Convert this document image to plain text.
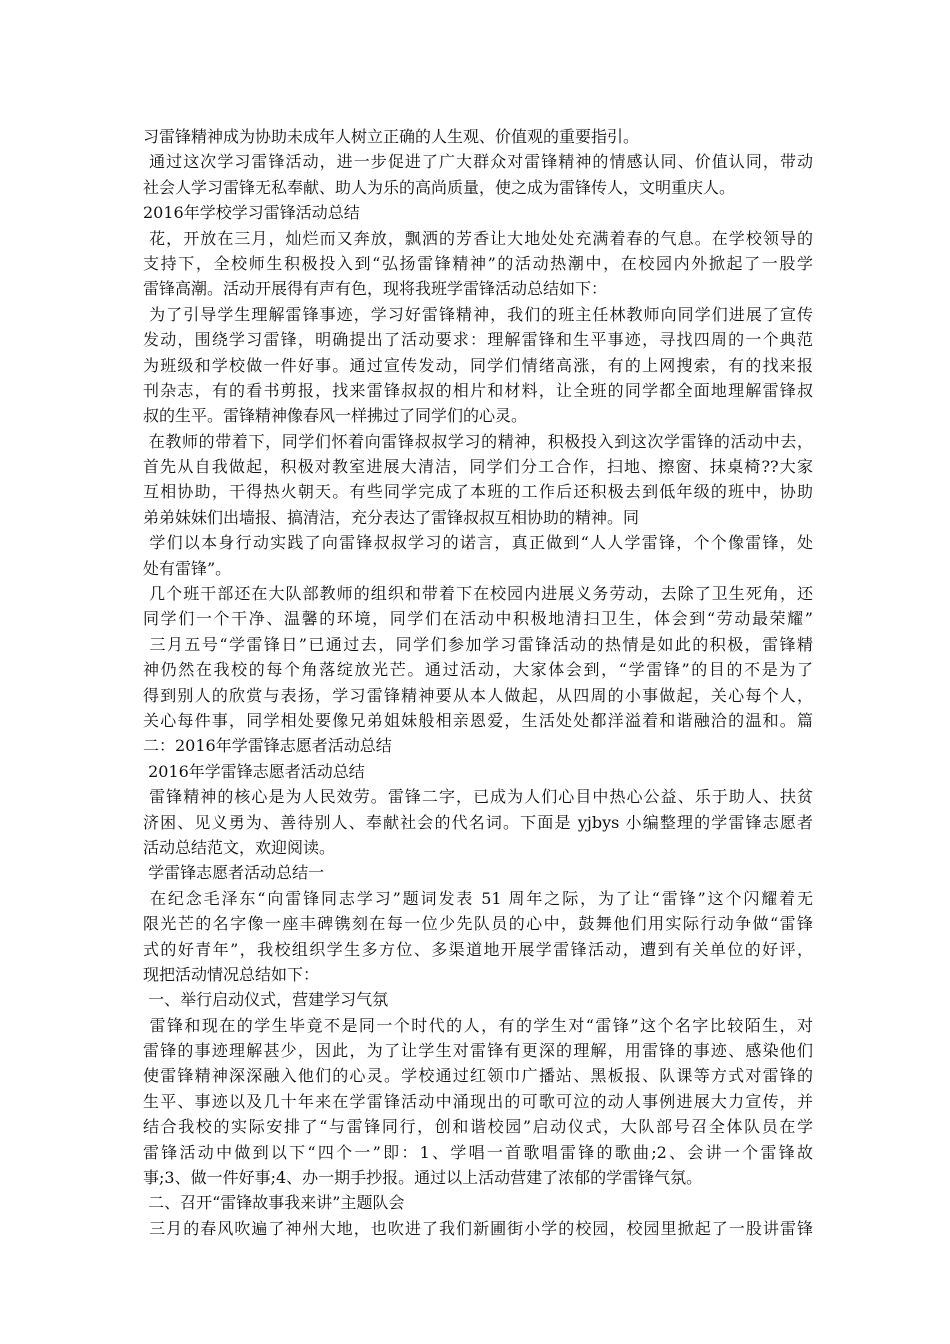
习雷锋精神成为协助未成年人树立正确的人生观、价值观的重要指引。
通过这次学习雷锋活动，进一步促进了广大群众对雷锋精神的情感认同、价值认同，带动
社会人学习雷锋无私奉献、助人为乐的高尚质量，使之成为雷锋传人，文明重庆人。
2016年学校学习雷锋活动总结
花，开放在三月，灿烂而又奔放，飘洒的芳香让大地处处充满着春的气息。在学校领导的
支持下，全校师生积极投入到“弘扬雷锋精神”的活动热潮中，在校园内外掀起了一股学
雷锋高潮。活动开展得有声有色，现将我班学雷锋活动总结如下：
为了引导学生理解雷锋事迹，学习好雷锋精神，我们的班主任林教师向同学们进展了宣传
发动，围绕学习雷锋，明确提出了活动要求：理解雷锋和生平事迹，寻找四周的一个典范
为班级和学校做一件好事。通过宣传发动，同学们情绪高涨，有的上网搜索，有的找来报
刊杂志，有的看书剪报，找来雷锋叔叔的相片和材料，让全班的同学都全面地理解雷锋叔
叔的生平。雷锋精神像春风一样拂过了同学们的心灵。
在教师的带着下，同学们怀着向雷锋叔叔学习的精神，积极投入到这次学雷锋的活动中去，
首先从自我做起，积极对教室进展大清洁，同学们分工合作，扫地、擦窗、抹桌椅??大家
互相协助，干得热火朝天。有些同学完成了本班的工作后还积极去到低年级的班中，协助
弟弟妹妹们出墙报、搞清洁，充分表达了雷锋叔叔互相协助的精神。同
学们以本身行动实践了向雷锋叔叔学习的诺言，真正做到“人人学雷锋，个个像雷锋，处
处有雷锋”。
几个班干部还在大队部教师的组织和带着下在校园内进展义务劳动，去除了卫生死角，还
同学们一个干净、温馨的环境，同学们在活动中积极地清扫卫生，体会到“劳动最荣耀”
三月五号“学雷锋日”已通过去，同学们参加学习雷锋活动的热情是如此的积极，雷锋精
神仍然在我校的每个角落绽放光芒。通过活动，大家体会到，“学雷锋”的目的不是为了
得到别人的欣赏与表扬，学习雷锋精神要从本人做起，从四周的小事做起，关心每个人，
关心每件事，同学相处要像兄弟姐妹般相亲恩爱，生活处处都洋溢着和谐融洽的温和。篇
二：2016年学雷锋志愿者活动总结
2016年学雷锋志愿者活动总结
雷锋精神的核心是为人民效劳。雷锋二字，已成为人们心目中热心公益、乐于助人、扶贫
济困、见义勇为、善待别人、奉献社会的代名词。下面是 yjbys 小编整理的学雷锋志愿者
活动总结范文，欢迎阅读。
学雷锋志愿者活动总结一
在纪念毛泽东“向雷锋同志学习”题词发表 51 周年之际，为了让“雷锋”这个闪耀着无
限光芒的名字像一座丰碑镌刻在每一位少先队员的心中，鼓舞他们用实际行动争做“雷锋
式的好青年”，我校组织学生多方位、多渠道地开展学雷锋活动，遭到有关单位的好评，
现把活动情况总结如下：
一、举行启动仪式，营建学习气氛
雷锋和现在的学生毕竟不是同一个时代的人，有的学生对“雷锋”这个名字比较陌生，对
雷锋的事迹理解甚少，因此，为了让学生对雷锋有更深的理解，用雷锋的事迹、感染他们
使雷锋精神深深融入他们的心灵。学校通过红领巾广播站、黑板报、队课等方式对雷锋的
生平、事迹以及几十年来在学雷锋活动中涌现出的可歌可泣的动人事例进展大力宣传，并
结合我校的实际安排了“与雷锋同行，创和谐校园”启动仪式，大队部号召全体队员在学
雷锋活动中做到以下“四个一”即：1、学唱一首歌唱雷锋的歌曲;2、会讲一个雷锋故
事;3、做一件好事;4、办一期手抄报。通过以上活动营建了浓郁的学雷锋气氛。
二、召开“雷锋故事我来讲”主题队会
三月的春风吹遍了神州大地，也吹进了我们新圃街小学的校园，校园里掀起了一股讲雷锋
